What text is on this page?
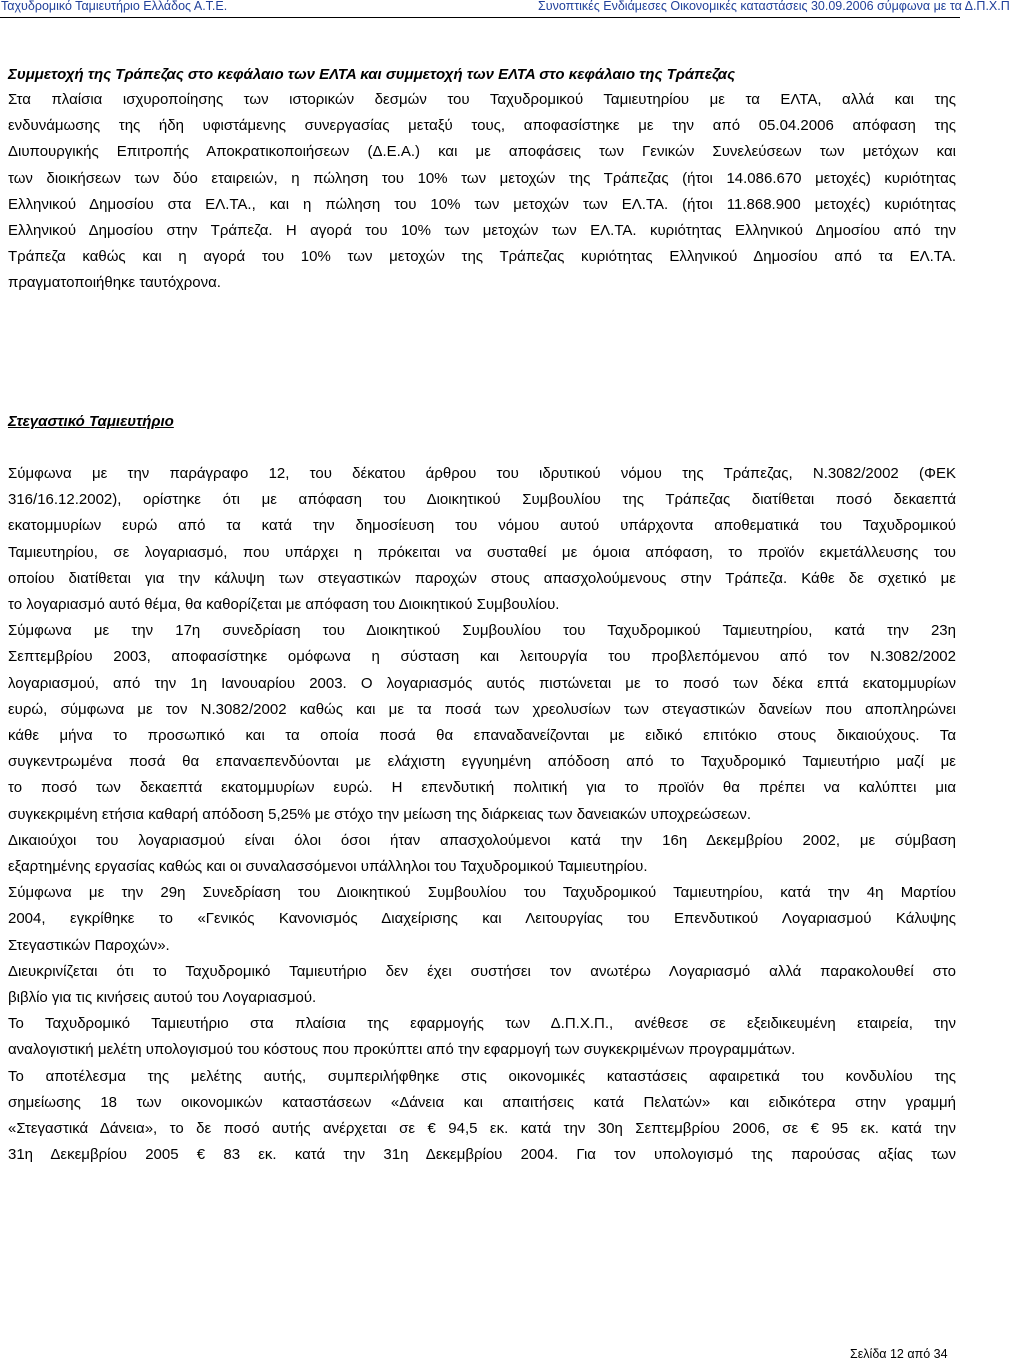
Ταχυδρομικό Ταμιευτήριο Ελλάδος Α.Τ.Ε.	Συνοπτικές Ενδιάμεσες Οικονομικές καταστάσεις 30.09.2006 σύμφωνα με τα Δ.Π.Χ.Π
Συμμετοχή της Τράπεζας στο κεφάλαιο των ΕΛΤΑ και συμμετοχή των ΕΛΤΑ στο κεφάλαιο της Τράπεζας
Στα πλαίσια ισχυροποίησης των ιστορικών δεσμών του Ταχυδρομικού Ταμιευτηρίου με τα ΕΛΤΑ, αλλά και της
ενδυνάμωσης της ήδη υφιστάμενης συνεργασίας μεταξύ τους, αποφασίστηκε με την από 05.04.2006 απόφαση της
Διυπουργικής Επιτροπής Αποκρατικοποιήσεων (Δ.Ε.Α.) και με αποφάσεις των Γενικών Συνελεύσεων των μετόχων και
των διοικήσεων των δύο εταιρειών, η πώληση του 10% των μετοχών της Τράπεζας (ήτοι 14.086.670 μετοχές) κυριότητας
Ελληνικού Δημοσίου στα ΕΛ.ΤΑ., και η πώληση του 10% των μετοχών των ΕΛ.ΤΑ. (ήτοι 11.868.900 μετοχές) κυριότητας
Ελληνικού Δημοσίου στην Τράπεζα. Η αγορά του 10% των μετοχών των ΕΛ.ΤΑ. κυριότητας Ελληνικού Δημοσίου από την
Τράπεζα καθώς και η αγορά του 10% των μετοχών της Τράπεζας κυριότητας Ελληνικού Δημοσίου από τα ΕΛ.ΤΑ.
πραγματοποιήθηκε ταυτόχρονα.
Στεγαστικό Ταμιευτήριο
Σύμφωνα με την παράγραφο 12, του δέκατου άρθρου του ιδρυτικού νόμου της Τράπεζας, Ν.3082/2002 (ΦΕΚ
316/16.12.2002), ορίστηκε ότι με απόφαση του Διοικητικού Συμβουλίου της Τράπεζας διατίθεται ποσό δεκαεπτά
εκατομμυρίων ευρώ από τα κατά την δημοσίευση του νόμου αυτού υπάρχοντα αποθεματικά του Ταχυδρομικού
Ταμιευτηρίου, σε λογαριασμό, που υπάρχει η πρόκειται να συσταθεί με όμοια απόφαση, το προϊόν εκμετάλλευσης του
οποίου διατίθεται για την κάλυψη των στεγαστικών παροχών στους απασχολούμενους στην Τράπεζα. Κάθε δε σχετικό με
το λογαριασμό αυτό θέμα, θα καθορίζεται με απόφαση του Διοικητικού Συμβουλίου.
Σύμφωνα με την 17η συνεδρίαση του Διοικητικού Συμβουλίου του Ταχυδρομικού Ταμιευτηρίου, κατά την 23η
Σεπτεμβρίου 2003, αποφασίστηκε ομόφωνα η σύσταση και λειτουργία του προβλεπόμενου από τον Ν.3082/2002
λογαριασμού, από την 1η Ιανουαρίου 2003. Ο λογαριασμός αυτός πιστώνεται με το ποσό των δέκα επτά εκατομμυρίων
ευρώ, σύμφωνα με τον Ν.3082/2002 καθώς και με τα ποσά των χρεολυσίων των στεγαστικών δανείων που αποπληρώνει
κάθε μήνα το προσωπικό και τα οποία ποσά θα επαναδανείζονται με ειδικό επιτόκιο στους δικαιούχους. Τα
συγκεντρωμένα ποσά θα επαναεπενδύονται με ελάχιστη εγγυημένη απόδοση από το Ταχυδρομικό Ταμιευτήριο μαζί με
το ποσό των δεκαεπτά εκατομμυρίων ευρώ. Η επενδυτική πολιτική για το προϊόν θα πρέπει να καλύπτει μια
συγκεκριμένη ετήσια καθαρή απόδοση 5,25% με στόχο την μείωση της διάρκειας των δανειακών υποχρεώσεων.
Δικαιούχοι του λογαριασμού είναι όλοι όσοι ήταν απασχολούμενοι κατά την 16η Δεκεμβρίου 2002, με σύμβαση
εξαρτημένης εργασίας καθώς και οι συναλασσόμενοι υπάλληλοι του Ταχυδρομικού Ταμιευτηρίου.
Σύμφωνα με την 29η Συνεδρίαση του Διοικητικού Συμβουλίου του Ταχυδρομικού Ταμιευτηρίου, κατά την 4η Μαρτίου
2004, εγκρίθηκε το «Γενικός Κανονισμός Διαχείρισης και Λειτουργίας του Επενδυτικού Λογαριασμού Κάλυψης
Στεγαστικών Παροχών».
Διευκρινίζεται ότι το Ταχυδρομικό Ταμιευτήριο δεν έχει συστήσει τον ανωτέρω Λογαριασμό αλλά παρακολουθεί στο
βιβλίο για τις κινήσεις αυτού του Λογαριασμού.
Το Ταχυδρομικό Ταμιευτήριο στα πλαίσια της εφαρμογής των Δ.Π.Χ.Π., ανέθεσε σε εξειδικευμένη εταιρεία, την
αναλογιστική μελέτη υπολογισμού του κόστους που προκύπτει από την εφαρμογή των συγκεκριμένων προγραμμάτων.
Το αποτέλεσμα της μελέτης αυτής, συμπεριλήφθηκε στις οικονομικές καταστάσεις αφαιρετικά του κονδυλίου της
σημείωσης 18 των οικονομικών καταστάσεων «Δάνεια και απαιτήσεις κατά Πελατών» και ειδικότερα στην γραμμή
«Στεγαστικά Δάνεια», το δε ποσό αυτής ανέρχεται σε € 94,5 εκ. κατά την 30η Σεπτεμβρίου 2006, σε € 95 εκ. κατά την
31η Δεκεμβρίου 2005 € 83 εκ. κατά την 31η Δεκεμβρίου 2004. Για τον υπολογισμό της παρούσας αξίας των
Σελίδα 12 από 34
